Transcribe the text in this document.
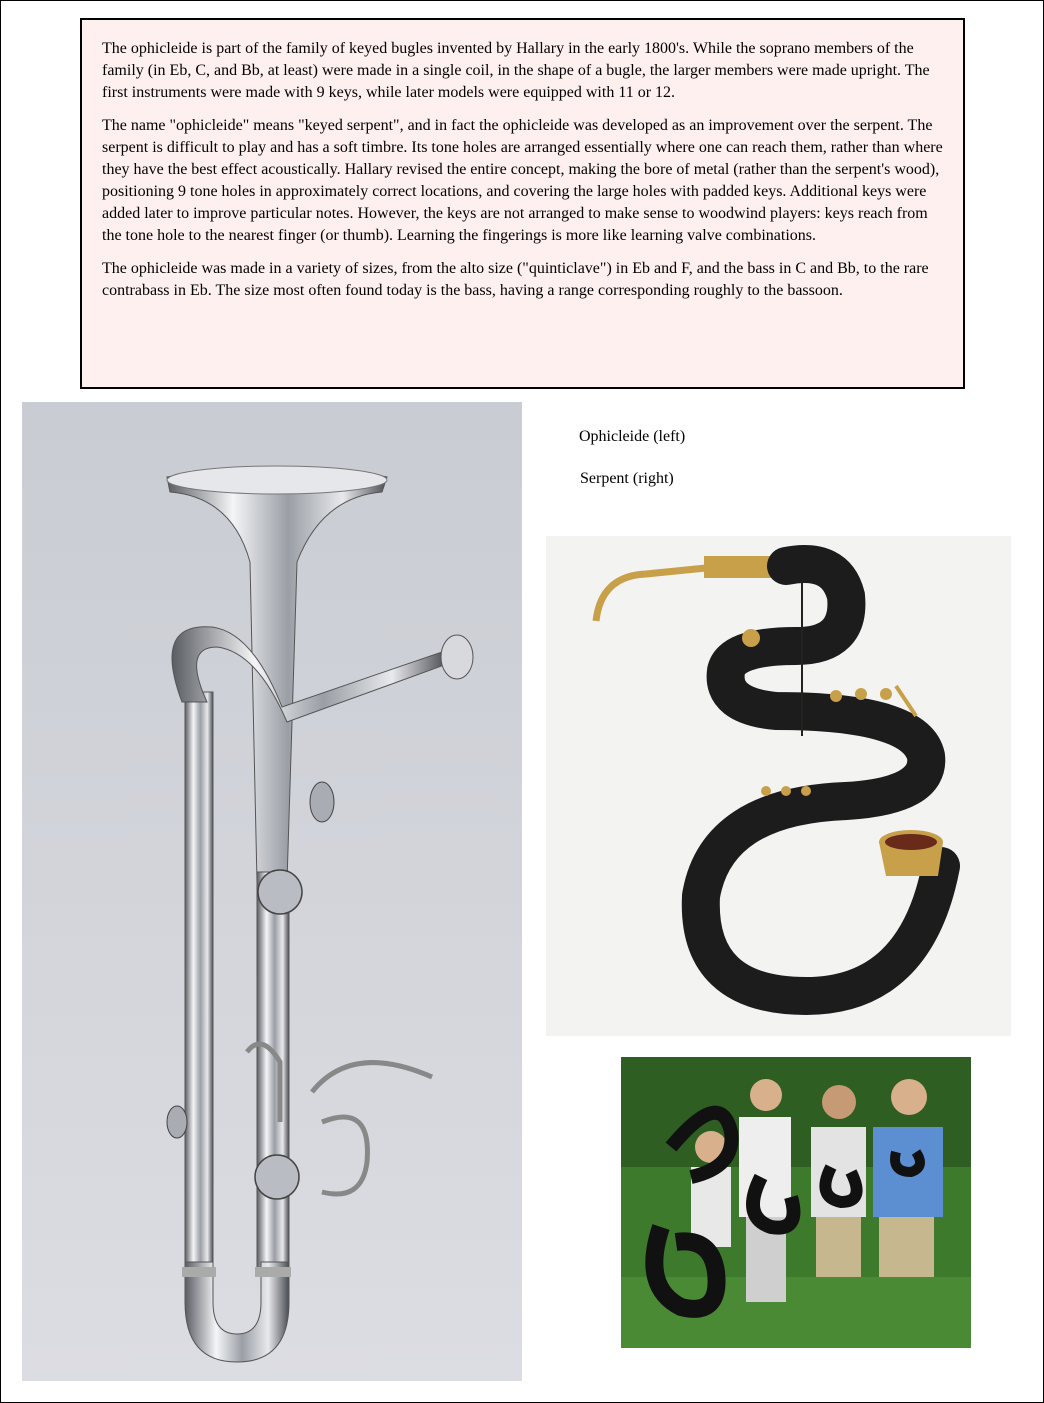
The ophicleide is part of the family of keyed bugles invented by Hallary in the early 1800's. While the soprano members of the family (in Eb, C, and Bb, at least) were made in a single coil, in the shape of a bugle, the larger members were made upright. The first instruments were made with 9 keys, while later models were equipped with 11 or 12.

The name "ophicleide" means "keyed serpent", and in fact the ophicleide was developed as an improvement over the serpent. The serpent is difficult to play and has a soft timbre. Its tone holes are arranged essentially where one can reach them, rather than where they have the best effect acoustically. Hallary revised the entire concept, making the bore of metal (rather than the serpent's wood), positioning 9 tone holes in approximately correct locations, and covering the large holes with padded keys. Additional keys were added later to improve particular notes. However, the keys are not arranged to make sense to woodwind players: keys reach from the tone hole to the nearest finger (or thumb). Learning the fingerings is more like learning valve combinations.

The ophicleide was made in a variety of sizes, from the alto size ("quinticlave") in Eb and F, and the bass in C and Bb, to the rare contrabass in Eb. The size most often found today is the bass, having a range corresponding roughly to the bassoon.

Ophicleide (left)
Serpent (right)
